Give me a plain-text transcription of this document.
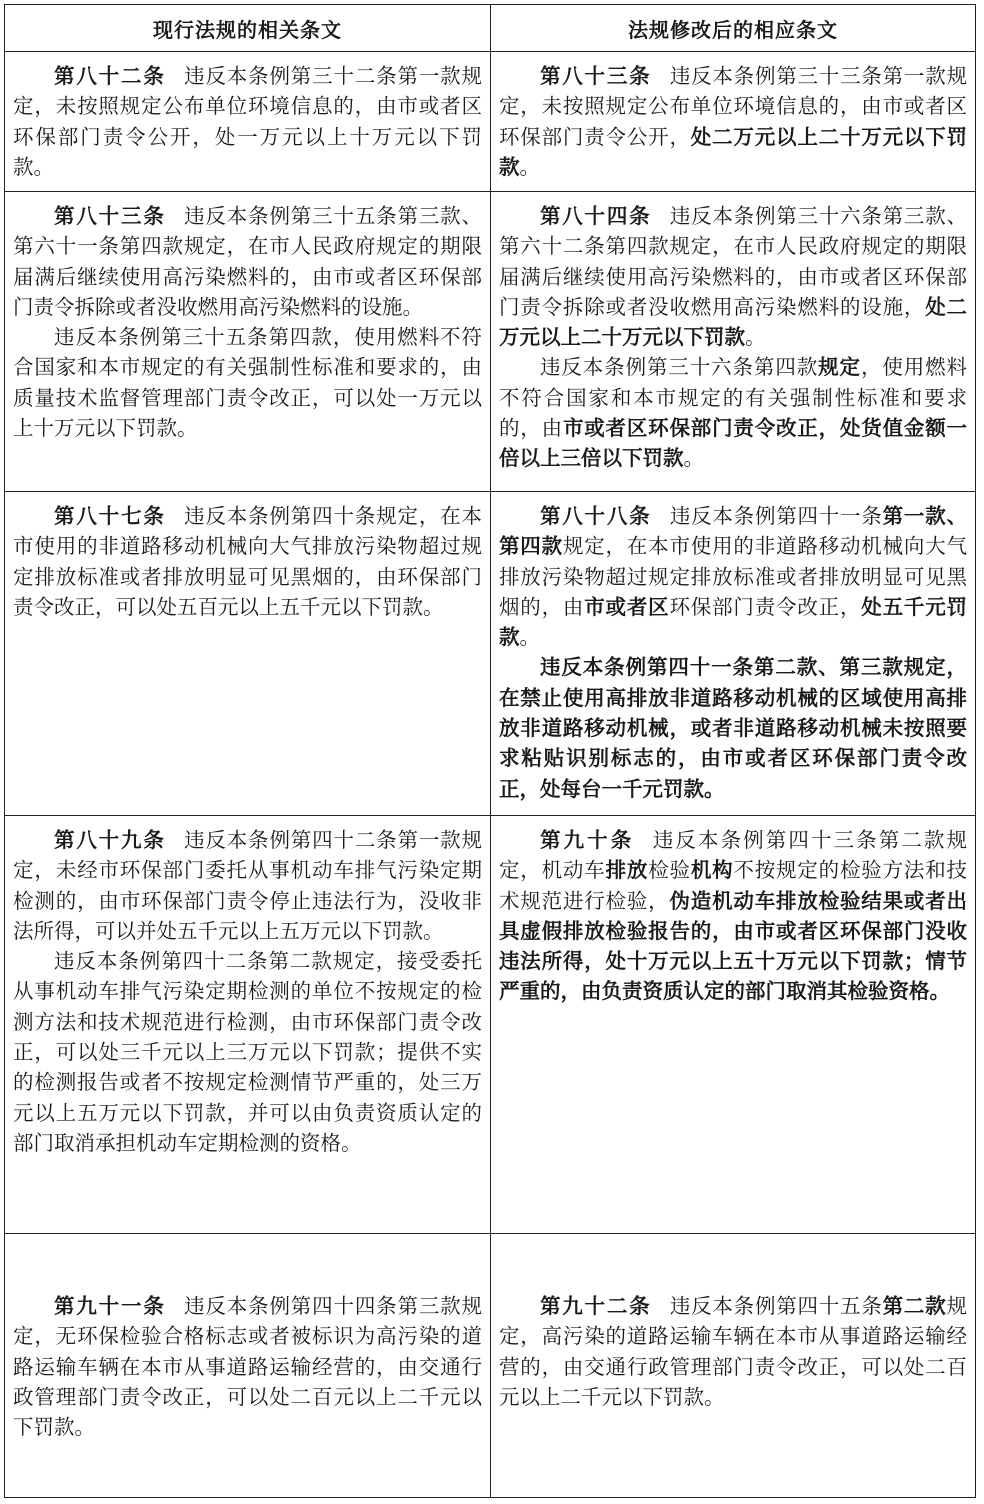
现行法规的相关条文	法规修改后的相应条文

第八十二条 违反本条例第三十二条第一款规定，未按照规定公布单位环境信息的，由市或者区环保部门责令公开，处一万元以上十万元以下罚款。

第八十三条 违反本条例第三十三条第一款规定，未按照规定公布单位环境信息的，由市或者区环保部门责令公开，处二万元以上二十万元以下罚款。

第八十三条 违反本条例第三十五条第三款、第六十一条第四款规定，在市人民政府规定的期限届满后继续使用高污染燃料的，由市或者区环保部门责令拆除或者没收燃用高污染燃料的设施。

违反本条例第三十五条第四款，使用燃料不符合国家和本市规定的有关强制性标准和要求的，由质量技术监督管理部门责令改正，可以处一万元以上十万元以下罚款。

第八十四条 违反本条例第三十六条第三款、第六十二条第四款规定，在市人民政府规定的期限届满后继续使用高污染燃料的，由市或者区环保部门责令拆除或者没收燃用高污染燃料的设施，处二万元以上二十万元以下罚款。

违反本条例第三十六条第四款规定，使用燃料不符合国家和本市规定的有关强制性标准和要求的，由市或者区环保部门责令改正，处货值金额一倍以上三倍以下罚款。

第八十七条 违反本条例第四十条规定，在本市使用的非道路移动机械向大气排放污染物超过规定排放标准或者排放明显可见黑烟的，由环保部门责令改正，可以处五百元以上五千元以下罚款。

第八十八条 违反本条例第四十一条第一款、第四款规定，在本市使用的非道路移动机械向大气排放污染物超过规定排放标准或者排放明显可见黑烟的，由市或者区环保部门责令改正，处五千元罚款。

违反本条例第四十一条第二款、第三款规定，在禁止使用高排放非道路移动机械的区域使用高排放非道路移动机械，或者非道路移动机械未按照要求粘贴识别标志的，由市或者区环保部门责令改正，处每台一千元罚款。

第八十九条 违反本条例第四十二条第一款规定，未经市环保部门委托从事机动车排气污染定期检测的，由市环保部门责令停止违法行为，没收非法所得，可以并处五千元以上五万元以下罚款。

违反本条例第四十二条第二款规定，接受委托从事机动车排气污染定期检测的单位不按规定的检测方法和技术规范进行检测，由市环保部门责令改正，可以处三千元以上三万元以下罚款；提供不实的检测报告或者不按规定检测情节严重的，处三万元以上五万元以下罚款，并可以由负责资质认定的部门取消承担机动车定期检测的资格。

第九十条 违反本条例第四十三条第二款规定，机动车排放检验机构不按规定的检验方法和技术规范进行检验，伪造机动车排放检验结果或者出具虚假排放检验报告的，由市或者区环保部门没收违法所得，处十万元以上五十万元以下罚款；情节严重的，由负责资质认定的部门取消其检验资格。

第九十一条 违反本条例第四十四条第三款规定，无环保检验合格标志或者被标识为高污染的道路运输车辆在本市从事道路运输经营的，由交通行政管理部门责令改正，可以处二百元以上二千元以下罚款。

第九十二条 违反本条例第四十五条第二款规定，高污染的道路运输车辆在本市从事道路运输经营的，由交通行政管理部门责令改正，可以处二百元以上二千元以下罚款。
